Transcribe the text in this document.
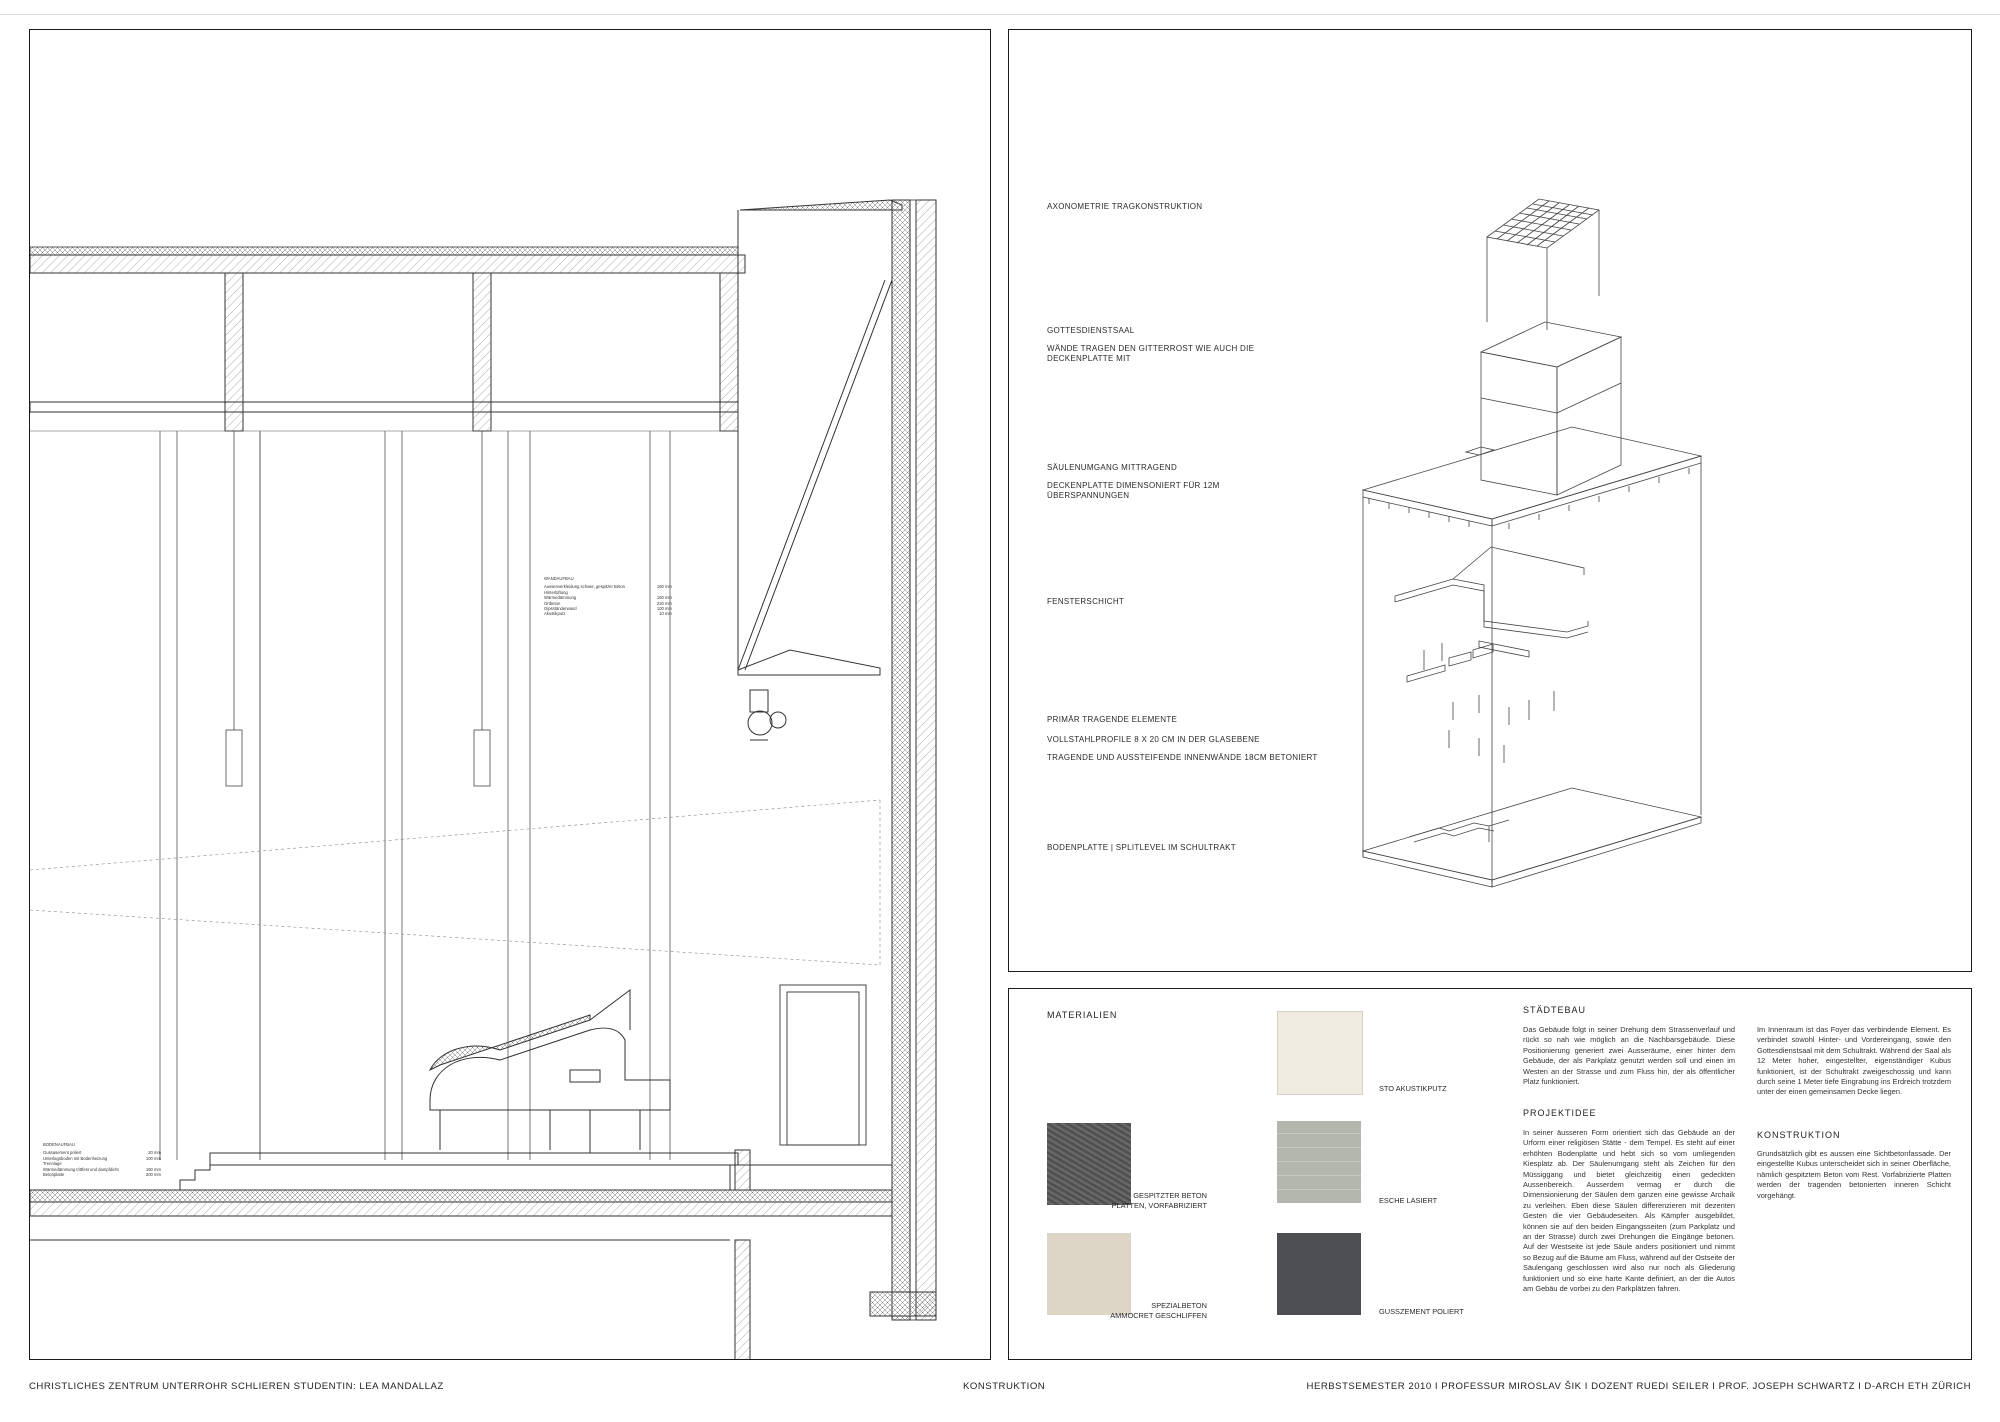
WANDAUFBAU
Aussenverkleidung schwer, gespitzer Beton	160 mm
Hinterlüftung
Wärmedämmung	160 mm
Ortbeton	220 mm
Gipsständerwand	100 mm
Akustikputz	10 mm
BODENAUFBAU
Gussasement poliert	20 mm
Unterlagsboden mit Bodenheizung	100 mm
Trennlage
Wärmedämmung trittfest und dampfdicht	160 mm
Betonplatte	200 mm
AXONOMETRIE TRAGKONSTRUKTION
GOTTESDIENSTSAAL
WÄNDE TRAGEN DEN GITTERROST WIE AUCH DIE
DECKENPLATTE MIT
SÄULENUMGANG MITTRAGEND
DECKENPLATTE DIMENSONIERT FÜR 12M
ÜBERSPANNUNGEN
FENSTERSCHICHT
PRIMÄR TRAGENDE ELEMENTE
VOLLSTAHLPROFILE 8 X 20 CM IN DER GLASEBENE
TRAGENDE UND AUSSTEIFENDE INNENWÄNDE 18CM BETONIERT
BODENPLATTE | SPLITLEVEL IM SCHULTRAKT
MATERIALIEN
STO AKUSTIKPUTZ
GESPITZTER BETON
PLATTEN, VORFABRIZIERT
ESCHE LASIERT
SPEZIALBETON
AMMOCRET GESCHLIFFEN	GUSSZEMENT POLIERT
STÄDTEBAU
Das Gebäude folgt in seiner Drehung dem Strassenverlauf und rückt so nah wie möglich an die Nachbarsgebäude. Diese Positionierung generiert zwei Ausseräume, einer hinter dem Gebäude, der als Parkplatz genutzt werden soll und einen im Westen an der Strasse und zum Fluss hin, der als öffentlicher Platz funktioniert.
PROJEKTIDEE
In seiner äusseren Form orientiert sich das Gebäude an der Urform einer religiösen Stätte - dem Tempel. Es steht auf einer erhöhten Bodenplatte und hebt sich so vom umliegenden Kiesplatz ab. Der Säulenumgang steht als Zeichen für den Müssiggang und bietet gleichzeitig einen gedeckten Aussenbereich. Ausserdem vermag er durch die Dimensionierung der Säulen dem ganzen eine gewisse Archaik zu verleihen. Eben diese Säulen differenzieren mit dezenten Gesten die vier Gebäudeseiten. Als Kämpfer ausgebildet, können sie auf den beiden Eingangsseiten (zum Parkplatz und an der Strasse) durch zwei Drehungen die Eingänge betonen. Auf der Westseite ist jede Säule anders positioniert und nimmt so Bezug auf die Bäume am Fluss, während auf der Ostseite der Säulengang geschlossen wird also nur noch als Gliederung funktioniert und so eine harte Kante definiert, an der die Autos am Gebäu de vorbei zu den Parkplätzen fahren.
Im Innenraum ist das Foyer das verbindende Element. Es verbindet sowohl Hinter- und Vordereingang, sowie den Gottesdienstsaal mit dem Schultrakt. Während der Saal als 12 Meter hoher, eingestellter, eigenständiger Kubus funktioniert, ist der Schultrakt zweigeschossig und kann durch seine 1 Meter tiefe Eingrabung ins Erdreich trotzdem unter der einen gemeinsamen Decke liegen.
KONSTRUKTION
Grundsätzlich gibt es aussen eine Sichtbetonfassade. Der eingestellte Kubus unterscheidet sich in seiner Oberfläche, nämlich gespitztem Beton vom Rest. Vorfabrizierte Platten werden der tragenden betonierten inneren Schicht vorgehängt.
CHRISTLICHES ZENTRUM UNTERROHR SCHLIEREN STUDENTIN: LEA MANDALLAZ	KONSTRUKTION	HERBSTSEMESTER 2010 I PROFESSUR MIROSLAV ŠIK I DOZENT RUEDI SEILER I PROF. JOSEPH SCHWARTZ I D-ARCH ETH ZÜRICH
